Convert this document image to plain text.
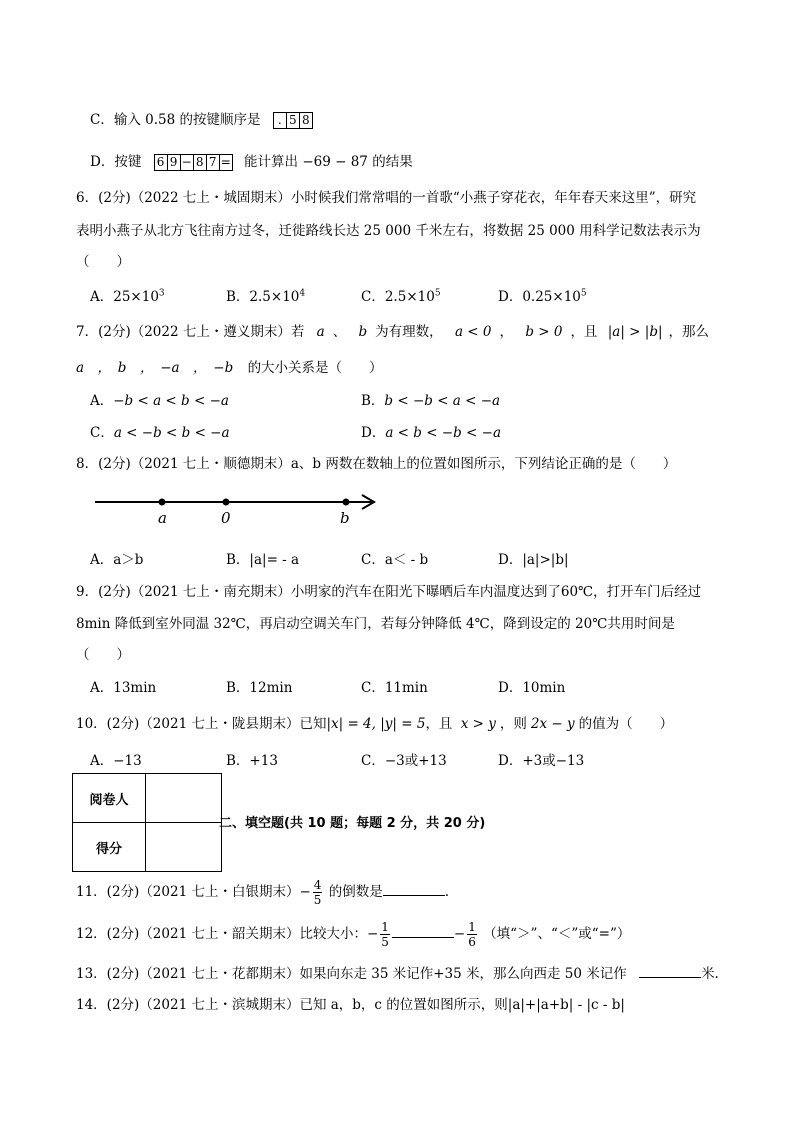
C．输入 0.58 的按键顺序是 . 5 8
D．按键 6 9 − 8 7 = 能计算出 −69 − 87 的结果
6．(2分)（2022 七上・城固期末）小时候我们常常唱的一首歌“小燕子穿花衣，年年春天来这里”，研究
表明小燕子从北方飞往南方过冬，迁徙路线长达 25 000 千米左右，将数据 25 000 用科学记数法表示为
（　　）
A．$25\times 10^3$	B．$2.5\times 10^4$	C．$2.5\times 10^5$	D．$0.25\times 10^5$
7．(2分)（2022 七上・遵义期末）若 a 、 b 为有理数， a < 0 ， b > 0 ，且 |a| > |b| ，那么
a　，　b　，　−a　，　−b 的大小关系是（　　）
A．−b < a < b < −a	B．b < −b < a < −a
C．a < −b < b < −a	D．a < b < −b < −a
8．(2分)（2021 七上・顺德期末）a、b 两数在数轴上的位置如图所示，下列结论正确的是（　　）
a	0	b
A．a＞b	B．|a|= - a	C．a＜ - b	D．|a|>|b|
9．(2分)（2021 七上・南充期末）小明家的汽车在阳光下曝晒后车内温度达到了60℃，打开车门后经过
8min 降低到室外同温 32℃，再启动空调关车门，若每分钟降低 4℃，降到设定的 20℃共用时间是
（　　）
A．13min	B．12min	C．11min	D．10min
10．(2分)（2021 七上・陇县期末）已知|x| = 4, |y| = 5，且 x > y ，则 2x − y 的值为（　　）
A．−13	B．+13	C．−3或+13	D．+3或−13
阅卷人	
得分	
二、填空题(共 10 题；每题 2 分，共 20 分)
11．(2分)（2021 七上・白银期末）− $\frac{4}{5}$ 的倒数是	.
12．(2分)（2021 七上・韶关期末）比较大小：− $\frac{1}{5}$	− $\frac{1}{6}$ （填“＞”、“＜”或“=”）
13．(2分)（2021 七上・花都期末）如果向东走 35 米记作+35 米，那么向西走 50 米记作	米.
14．(2分)（2021 七上・滨城期末）已知 a，b，c 的位置如图所示，则|a|+|a+b| - |c - b|
